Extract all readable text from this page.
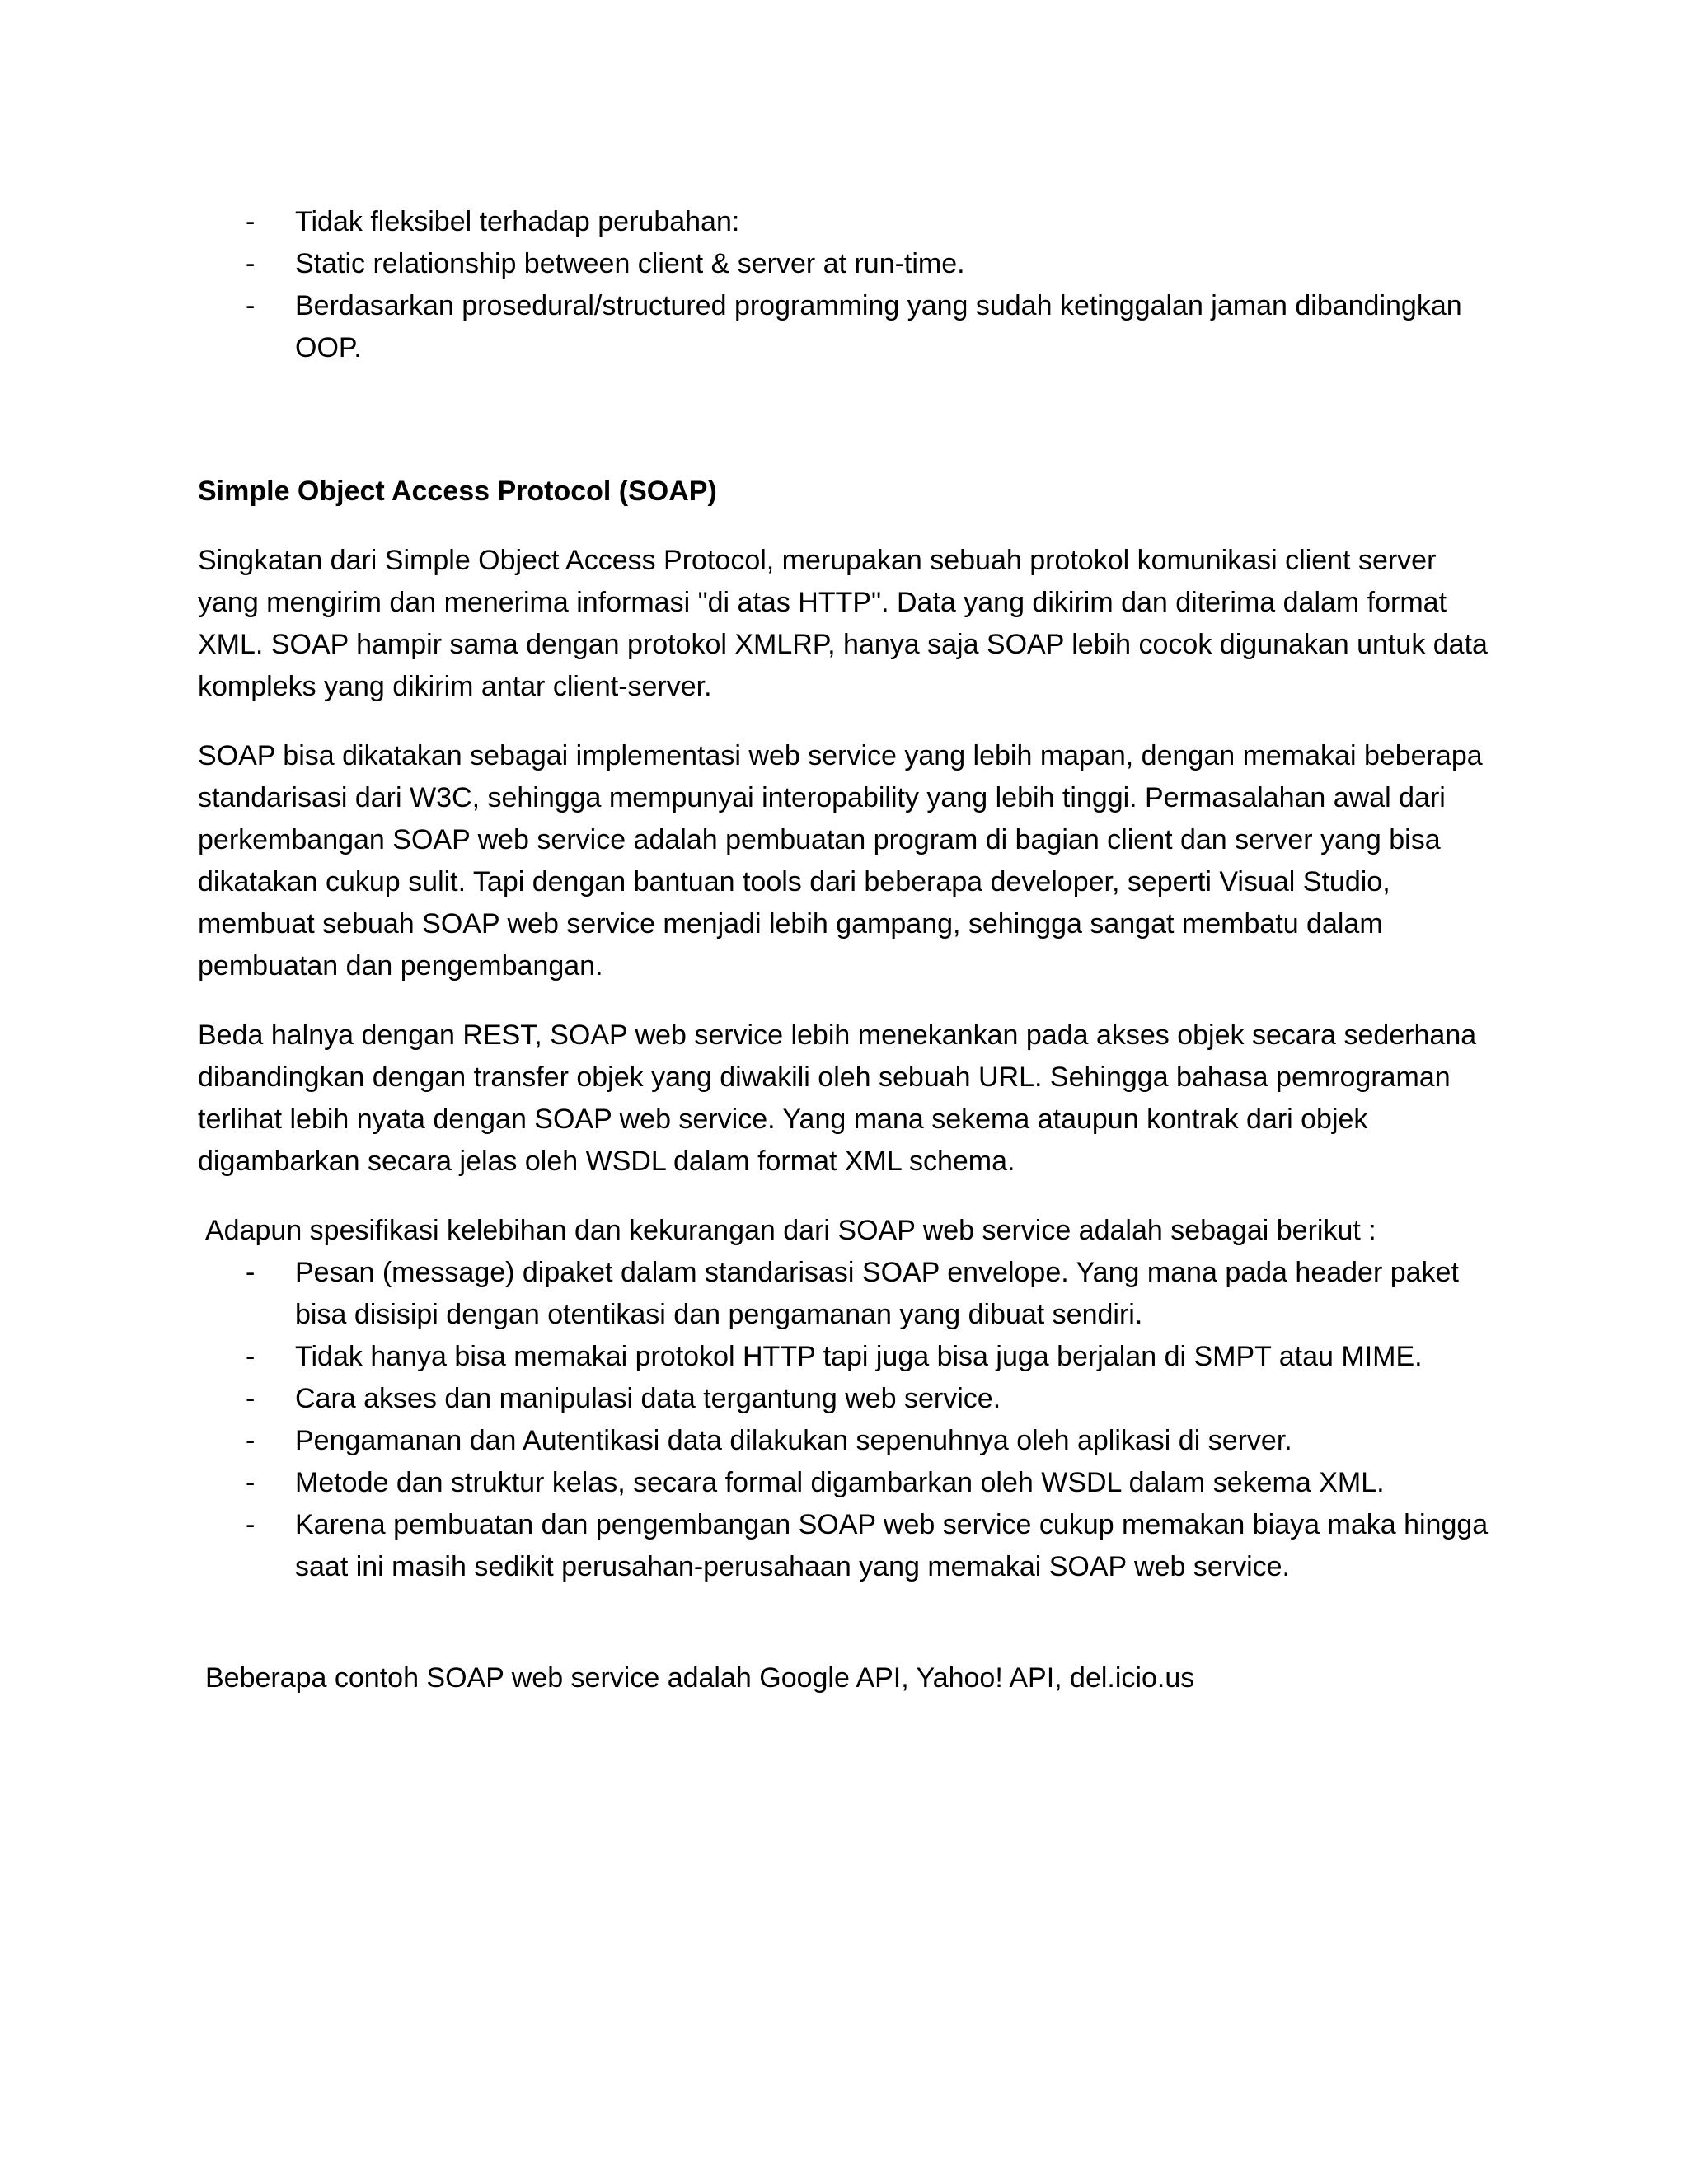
- Tidak fleksibel terhadap perubahan:
- Static relationship between client & server at run-time.
- Berdasarkan prosedural/structured programming yang sudah ketinggalan jaman dibandingkan OOP.

Simple Object Access Protocol (SOAP)

Singkatan dari Simple Object Access Protocol, merupakan sebuah protokol komunikasi client server yang mengirim dan menerima informasi "di atas HTTP". Data yang dikirim dan diterima dalam format XML. SOAP hampir sama dengan protokol XMLRP, hanya saja SOAP lebih cocok digunakan untuk data kompleks yang dikirim antar client-server.

SOAP bisa dikatakan sebagai implementasi web service yang lebih mapan, dengan memakai beberapa standarisasi dari W3C, sehingga mempunyai interopability yang lebih tinggi. Permasalahan awal dari perkembangan SOAP web service adalah pembuatan program di bagian client dan server yang bisa dikatakan cukup sulit. Tapi dengan bantuan tools dari beberapa developer, seperti Visual Studio, membuat sebuah SOAP web service menjadi lebih gampang, sehingga sangat membatu dalam pembuatan dan pengembangan.

Beda halnya dengan REST, SOAP web service lebih menekankan pada akses objek secara sederhana dibandingkan dengan transfer objek yang diwakili oleh sebuah URL. Sehingga bahasa pemrograman terlihat lebih nyata dengan SOAP web service. Yang mana sekema ataupun kontrak dari objek digambarkan secara jelas oleh WSDL dalam format XML schema.

Adapun spesifikasi kelebihan dan kekurangan dari SOAP web service adalah sebagai berikut :

- Pesan (message) dipaket dalam standarisasi SOAP envelope. Yang mana pada header paket bisa disisipi dengan otentikasi dan pengamanan yang dibuat sendiri.
- Tidak hanya bisa memakai protokol HTTP tapi juga bisa juga berjalan di SMPT atau MIME.
- Cara akses dan manipulasi data tergantung web service.
- Pengamanan dan Autentikasi data dilakukan sepenuhnya oleh aplikasi di server.
- Metode dan struktur kelas, secara formal digambarkan oleh WSDL dalam sekema XML.
- Karena pembuatan dan pengembangan SOAP web service cukup memakan biaya maka hingga saat ini masih sedikit perusahan-perusahaan yang memakai SOAP web service.

Beberapa contoh SOAP web service adalah Google API, Yahoo! API, del.icio.us
